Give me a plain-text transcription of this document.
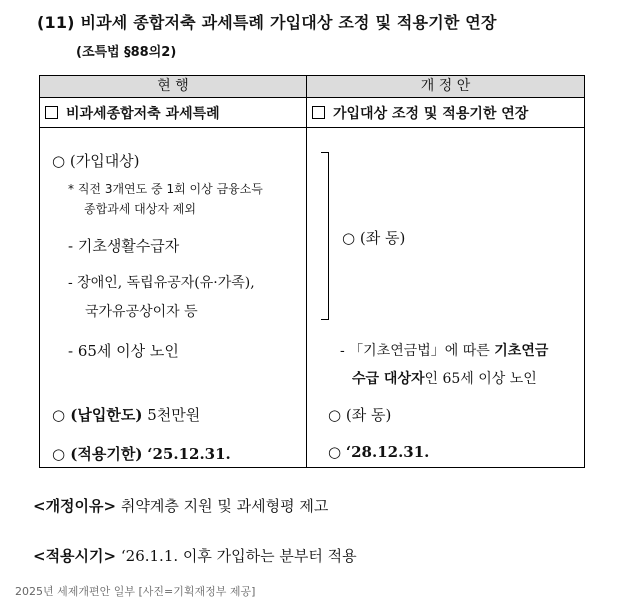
(11) 비과세 종합저축 과세특례 가입대상 조정 및 적용기한 연장
(조특법 §88의2)
현 행	개 정 안
비과세종합저축 과세특례	가입대상 조정 및 적용기한 연장
○ (가입대상)
* 직전 3개연도 중 1회 이상 금융소득
종합과세 대상자 제외
- 기초생활수급자
- 장애인, 독립유공자(유·가족),
국가유공상이자 등
- 65세 이상 노인
○ (납입한도) 5천만원
○ (적용기한) ‘25.12.31.
○ (좌 동)
- 「기초연금법」에 따른 기초연금
수급 대상자인 65세 이상 노인
○ (좌 동)
○ ‘28.12.31.
<개정이유> 취약계층 지원 및 과세형평 제고
<적용시기> ‘26.1.1. 이후 가입하는 분부터 적용
2025년 세제개편안 일부 [사진=기획재정부 제공]
